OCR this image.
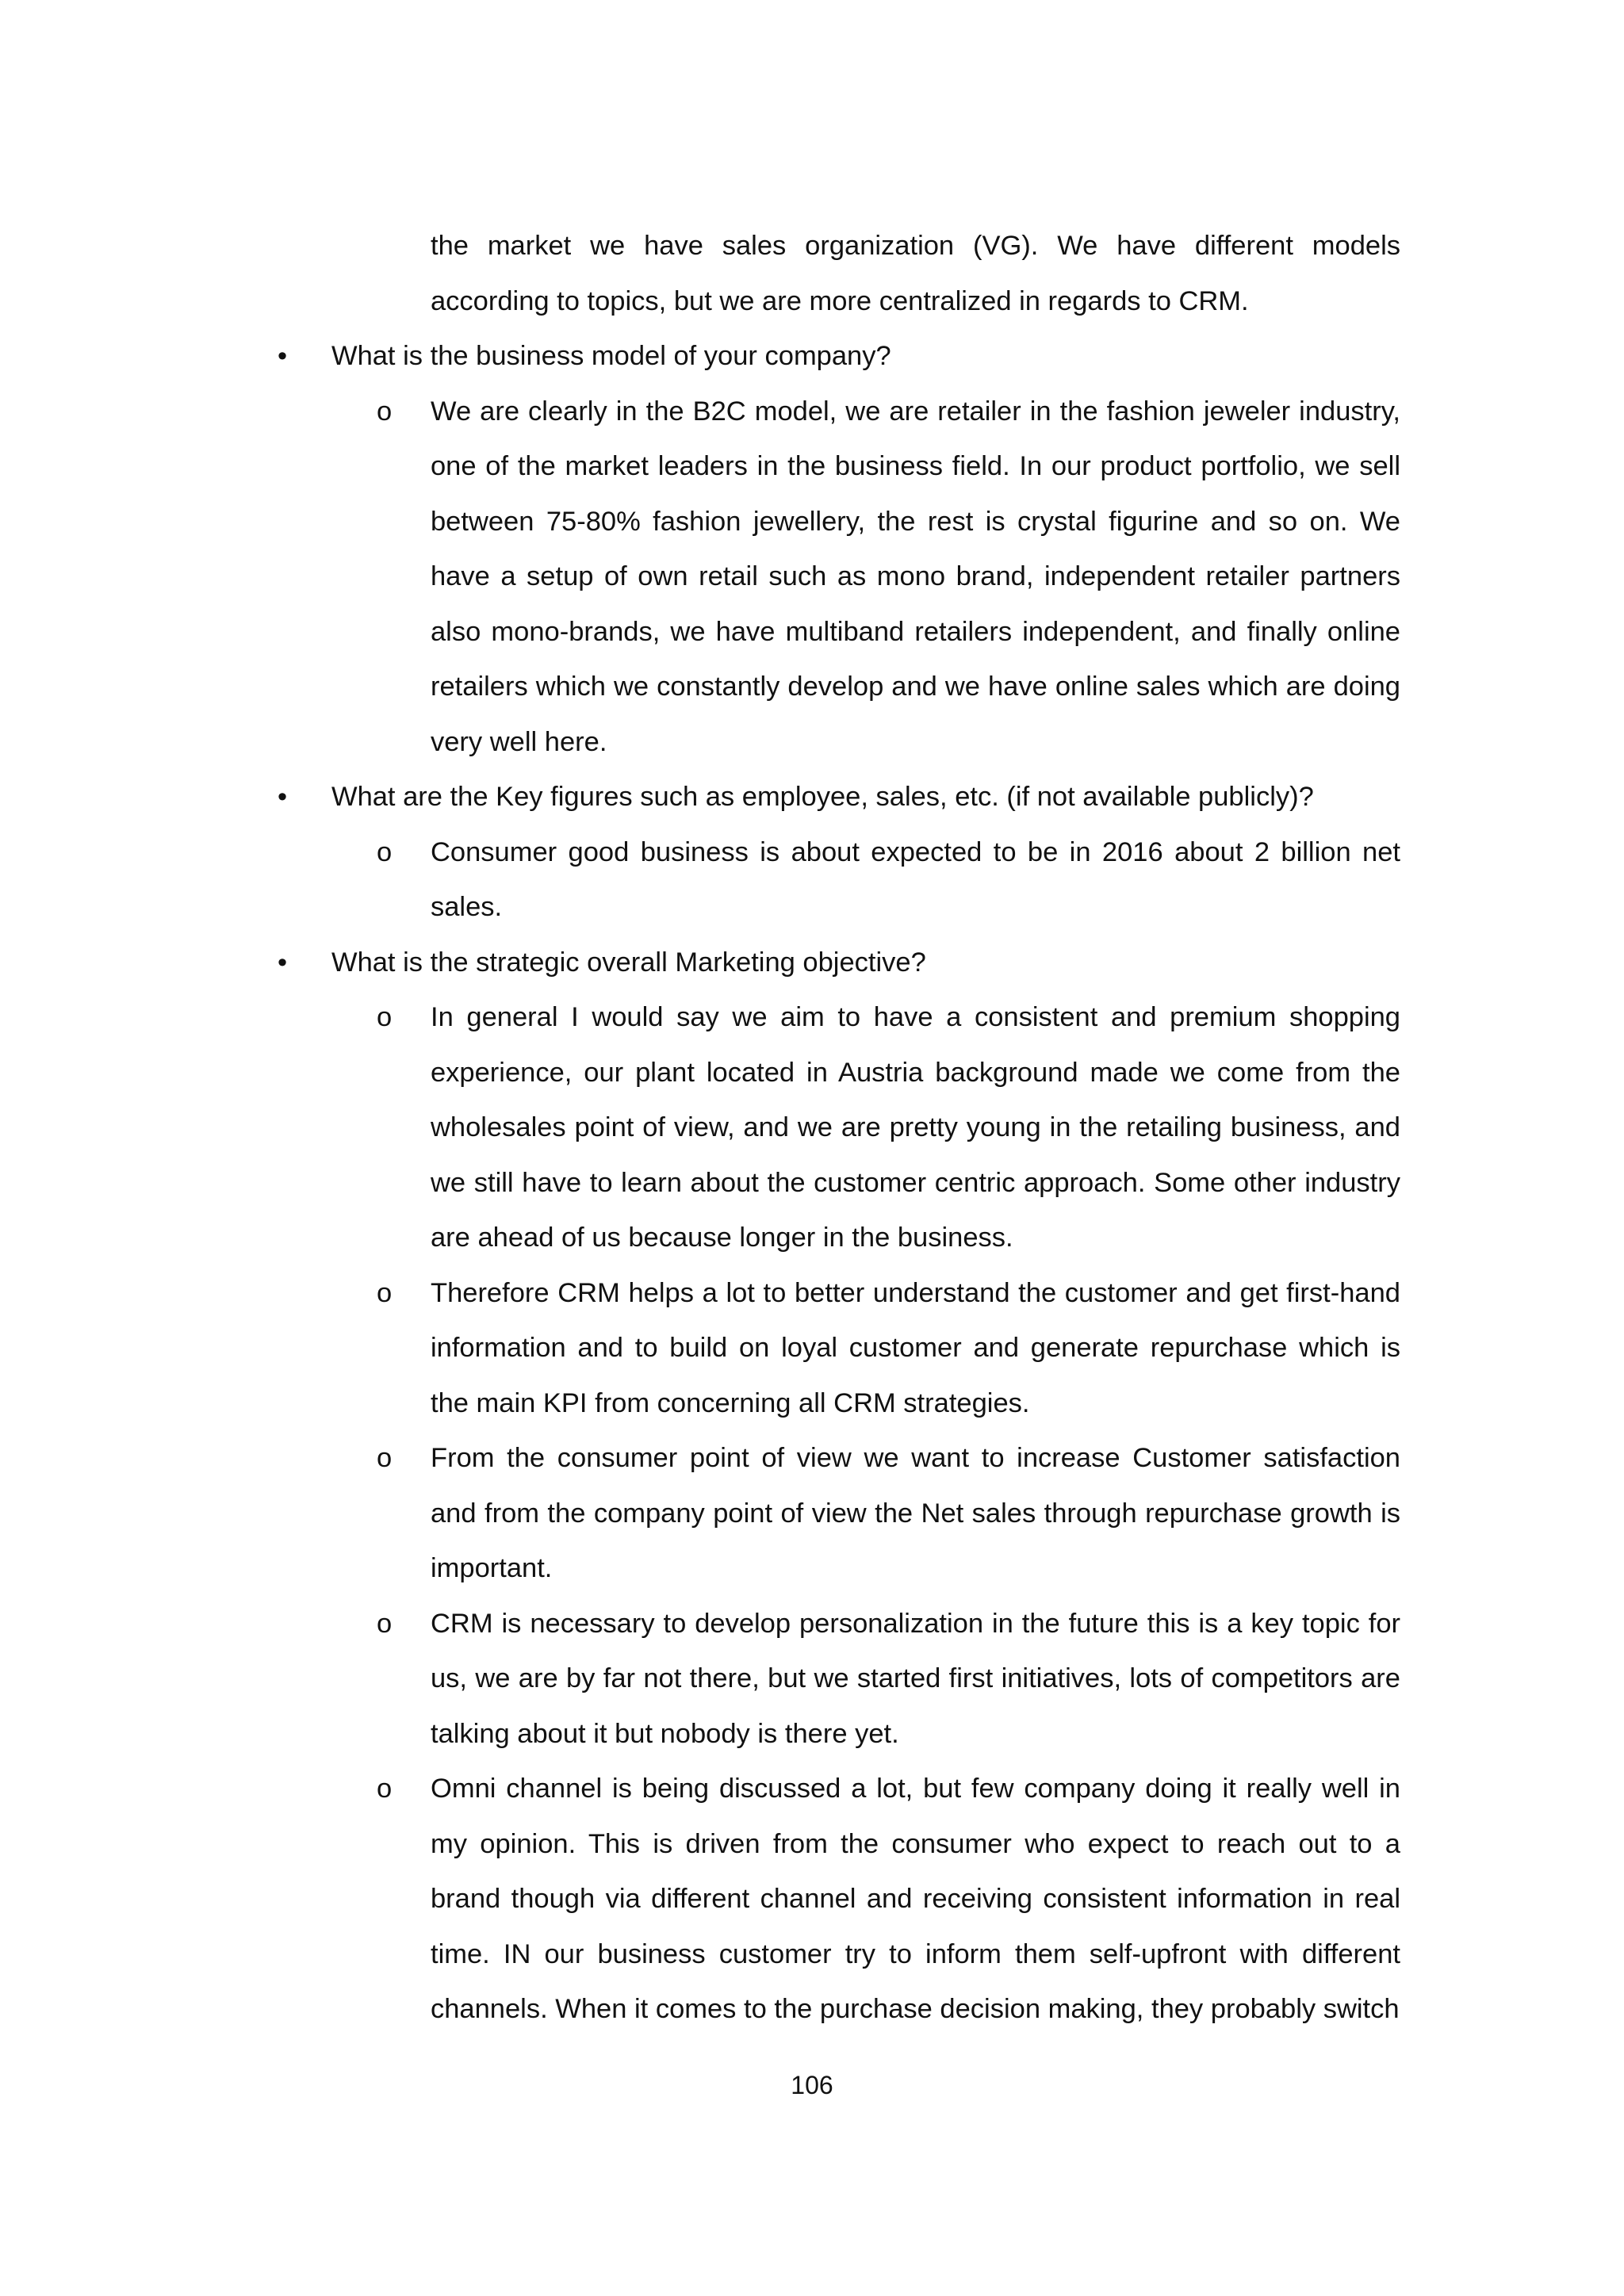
the market we have sales organization (VG). We have different models according to topics, but we are more centralized in regards to CRM.
•	What is the business model of your company?
o	We are clearly in the B2C model, we are retailer in the fashion jeweler industry, one of the market leaders in the business field. In our product portfolio, we sell between 75-80% fashion jewellery, the rest is crystal figurine and so on. We have a setup of own retail such as mono brand, independent retailer partners also mono-brands, we have multiband retailers independent, and finally online retailers which we constantly develop and we have online sales which are doing very well here.
•	What are the Key figures such as employee, sales, etc. (if not available publicly)?
o	Consumer good business is about expected to be in 2016 about 2 billion net sales.
•	What is the strategic overall Marketing objective?
o	In general I would say we aim to have a consistent and premium shopping experience, our plant located in Austria background made we come from the wholesales point of view, and we are pretty young in the retailing business, and we still have to learn about the customer centric approach. Some other industry are ahead of us because longer in the business.
o	Therefore CRM helps a lot to better understand the customer and get first-hand information and to build on loyal customer and generate repurchase which is the main KPI from concerning all CRM strategies.
o	From the consumer point of view we want to increase Customer satisfaction and from the company point of view the Net sales through repurchase growth is important.
o	CRM is necessary to develop personalization in the future this is a key topic for us, we are by far not there, but we started first initiatives, lots of competitors are talking about it but nobody is there yet.
o	Omni channel is being discussed a lot, but few company doing it really well in my opinion. This is driven from the consumer who expect to reach out to a brand though via different channel and receiving consistent information in real time. IN our business customer try to inform them self-upfront with different channels. When it comes to the purchase decision making, they probably switch
106
